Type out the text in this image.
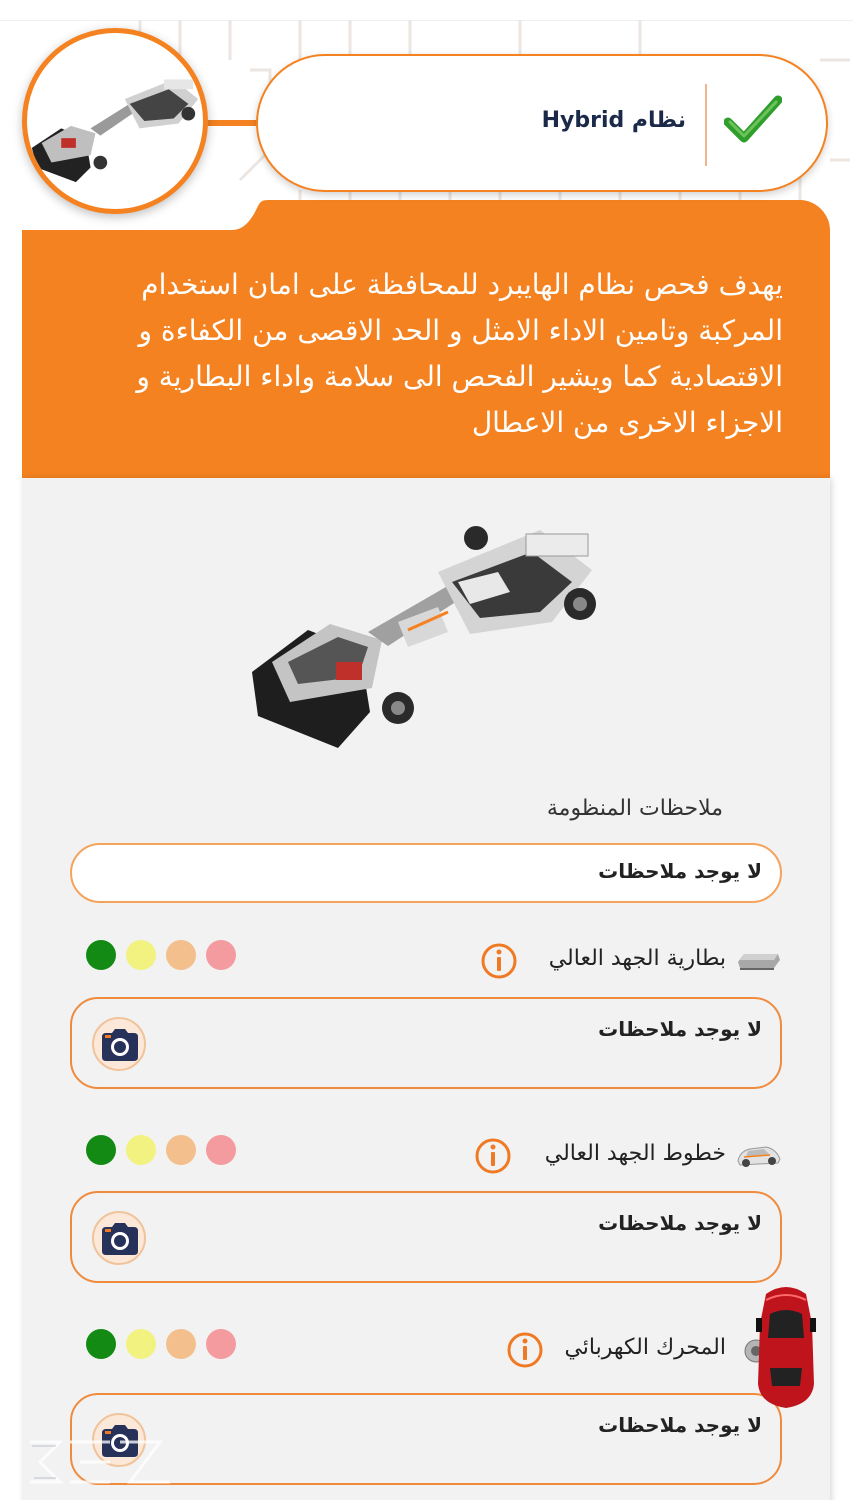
يهدف فحص نظام الهايبرد للمحافظة على امان استخدام المركبة وتامين الاداء الامثل و الحد الاقصى من الكفاءة و الاقتصادية كما ويشير الفحص الى سلامة واداء البطارية و الاجزاء الاخرى من الاعطال
نظام Hybrid
ملاحظات المنظومة
لا يوجد ملاحظات
بطارية الجهد العالي
لا يوجد ملاحظات
خطوط الجهد العالي
لا يوجد ملاحظات
المحرك الكهربائي
لا يوجد ملاحظات
